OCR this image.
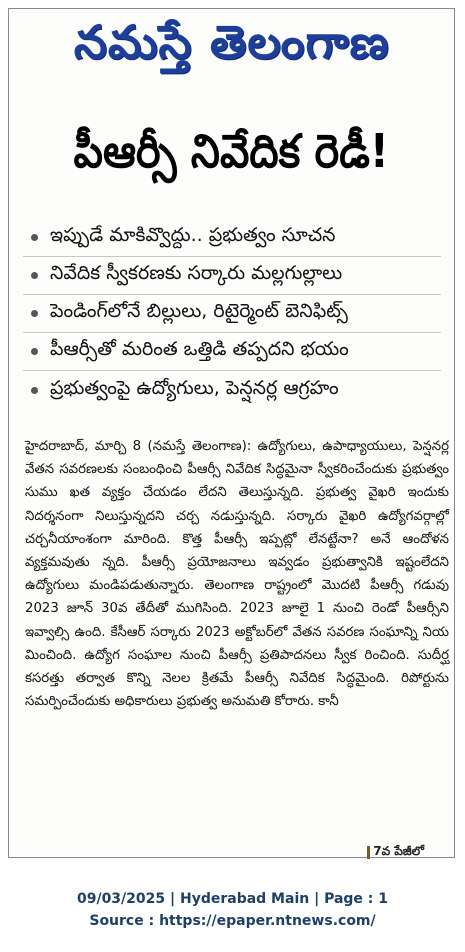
నమస్తే తెలంగాణ
పీఆర్సీ నివేదిక రెడీ!
ఇప్పుడే మాకివ్వొద్దు.. ప్రభుత్వం సూచన
నివేదిక స్వీకరణకు సర్కారు మల్లగుల్లాలు
పెండింగ్‌లోనే బిల్లులు, రిటైర్మెంట్ బెనిఫిట్స్
పీఆర్సీతో మరింత ఒత్తిడి తప్పదని భయం
ప్రభుత్వంపై ఉద్యోగులు, పెన్షనర్ల ఆగ్రహం
హైదరాబాద్, మార్చి 8 (నమస్తే తెలంగాణ): ఉద్యోగులు, ఉపాధ్యాయులు, పెన్షనర్ల వేతన సవరణలకు సంబంధించి పీఆర్సీ నివేదిక సిద్ధమైనా స్వీకరించేందుకు ప్రభుత్వం సుము ఖత వ్యక్తం చేయడం లేదని తెలుస్తున్నది. ప్రభుత్వ వైఖరి ఇందుకు నిదర్శనంగా నిలుస్తున్నదని చర్చ నడుస్తున్నది. సర్కారు వైఖరి ఉద్యోగవర్గాల్లో చర్చనీయాంశంగా మారింది. కొత్త పీఆర్సీ ఇప్పట్లో లేనట్టేనా? అనే ఆందోళన వ్యక్తమవుతు న్నది. పీఆర్సీ ప్రయోజనాలు ఇవ్వడం ప్రభుత్వానికి ఇష్టంలేదని ఉద్యోగులు మండిపడుతున్నారు. తెలంగాణ రాష్ట్రంలో మొదటి పీఆర్సీ గడువు 2023 జూన్ 30వ తేదీతో ముగిసింది. 2023 జూలై 1 నుంచి రెండో పీఆర్సీని ఇవ్వాల్సి ఉంది. కేసీఆర్ సర్కారు 2023 అక్టోబర్‌లో వేతన సవరణ సంఘాన్ని నియ మించింది. ఉద్యోగ సంఘాల నుంచి పీఆర్సీ ప్రతిపాదనలు స్వీక రించింది. సుదీర్ఘ కసరత్తు తర్వాత కొన్ని నెలల క్రితమే పీఆర్సీ నివేదిక సిద్ధమైంది. రిపోర్టును సమర్పించేందుకు అధికారులు ప్రభుత్వ అనుమతి కోరారు. కానీ
7వ పేజీలో
09/03/2025 | Hyderabad Main | Page : 1
Source : https://epaper.ntnews.com/
